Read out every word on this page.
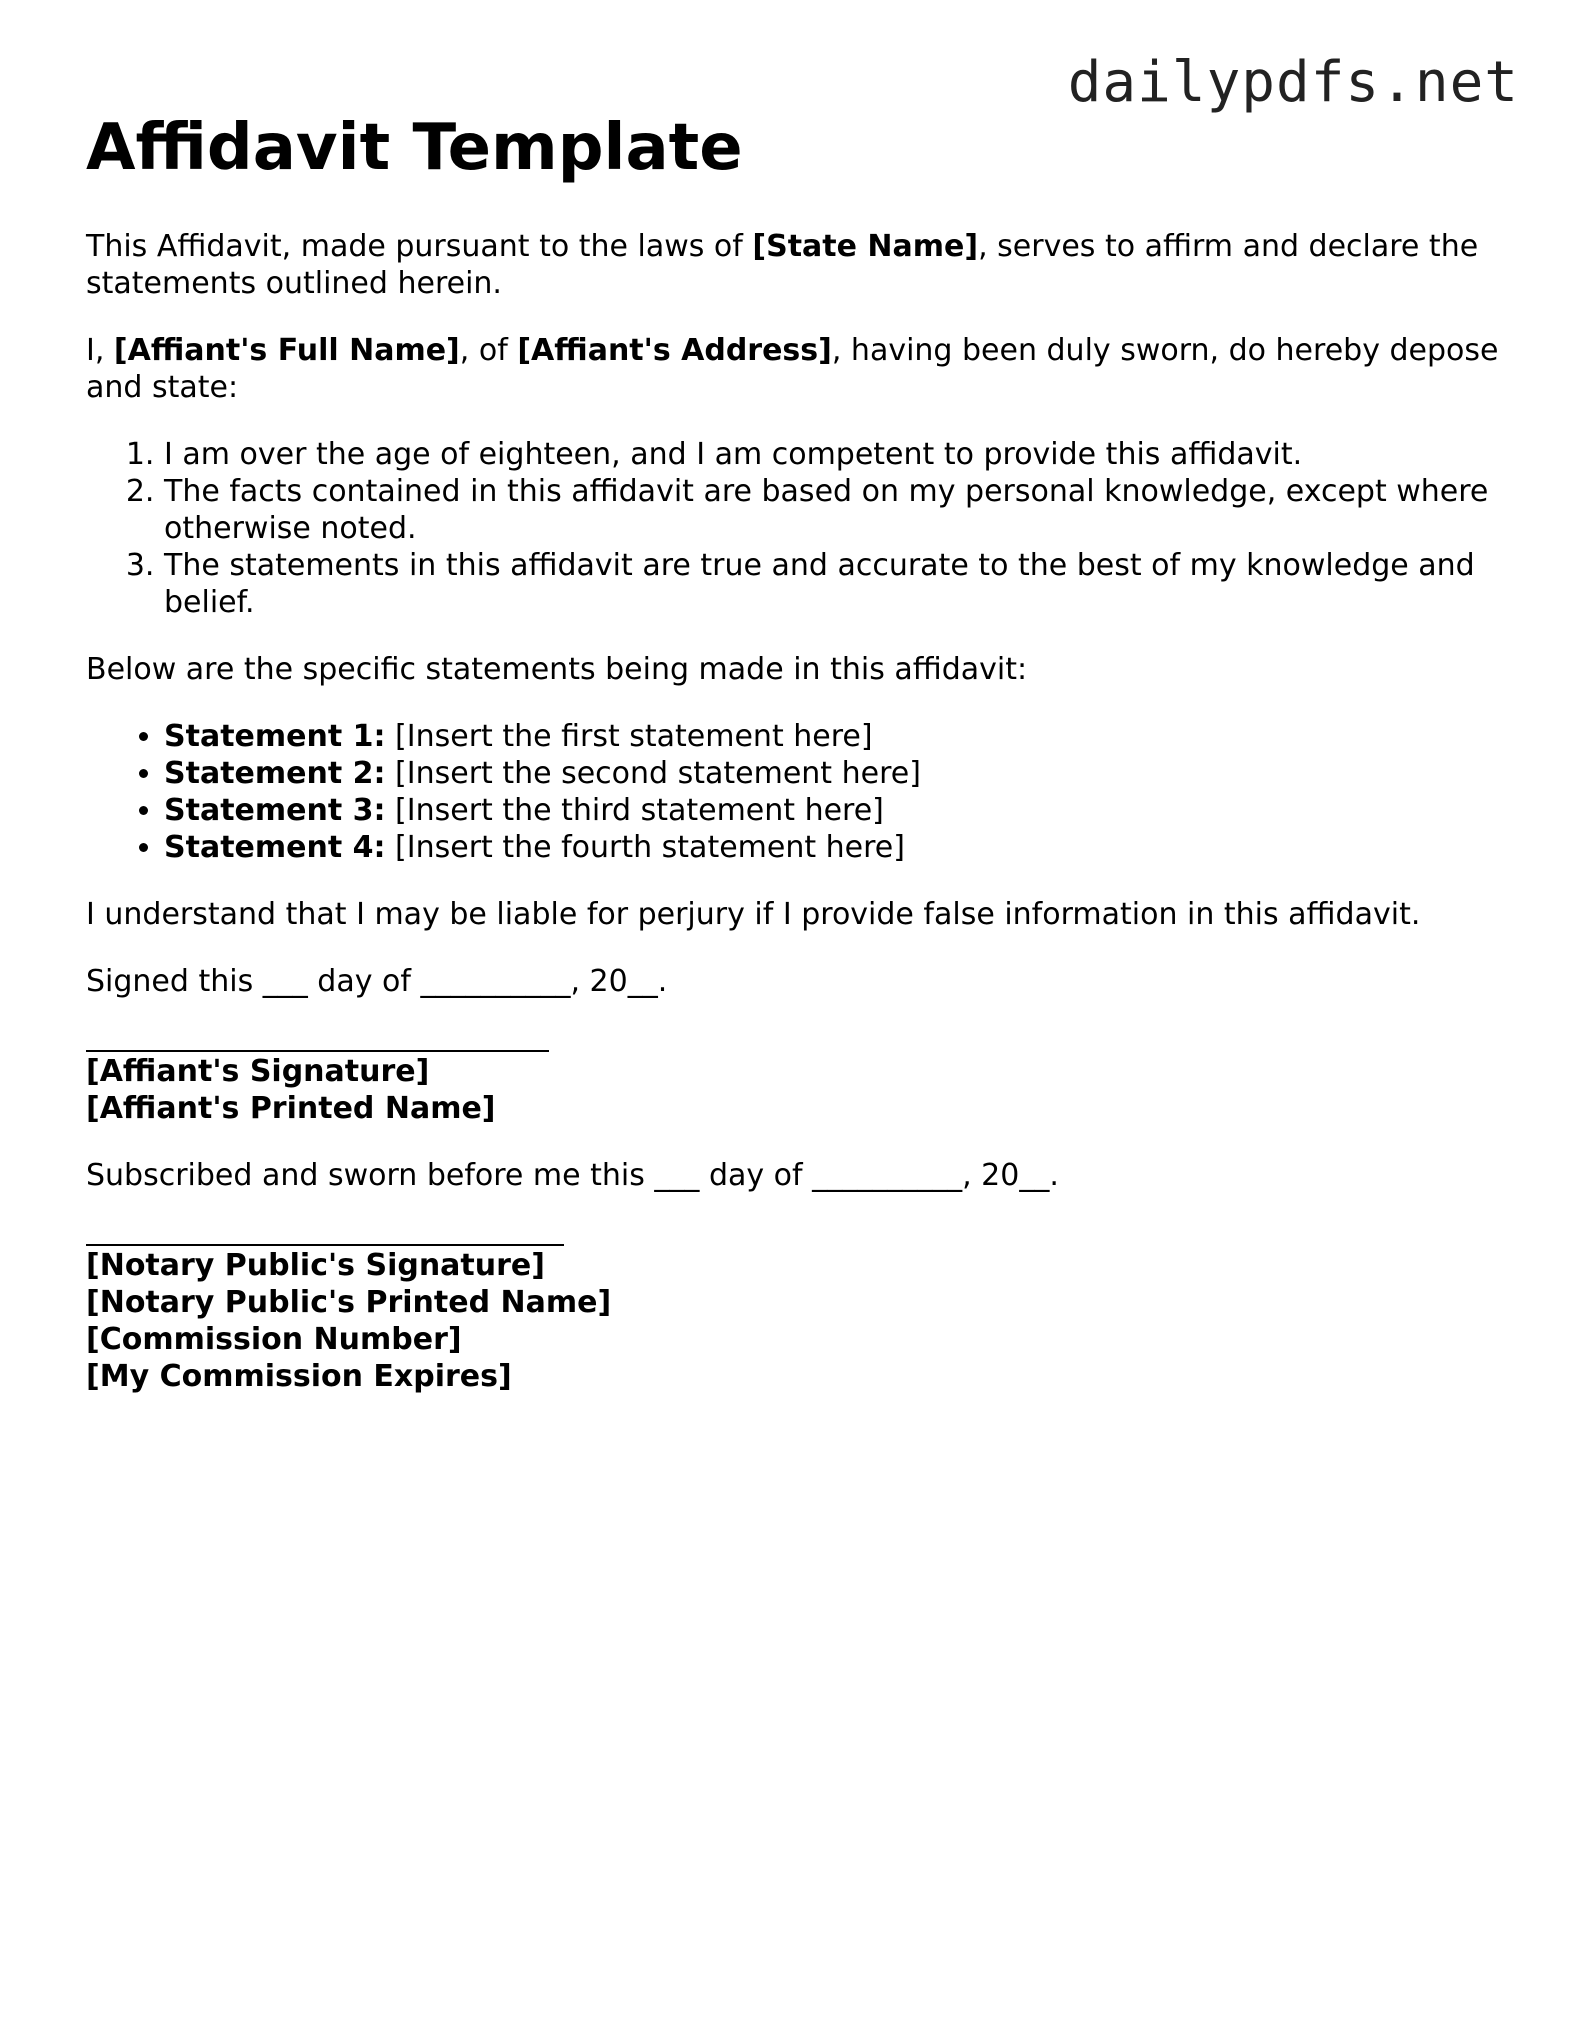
dailypdfs.net
Affidavit Template

This Affidavit, made pursuant to the laws of [State Name], serves to affirm and declare the statements outlined herein.

I, [Affiant's Full Name], of [Affiant's Address], having been duly sworn, do hereby depose and state:

1. I am over the age of eighteen, and I am competent to provide this affidavit.
2. The facts contained in this affidavit are based on my personal knowledge, except where otherwise noted.
3. The statements in this affidavit are true and accurate to the best of my knowledge and belief.

Below are the specific statements being made in this affidavit:

• Statement 1: [Insert the first statement here]
• Statement 2: [Insert the second statement here]
• Statement 3: [Insert the third statement here]
• Statement 4: [Insert the fourth statement here]

I understand that I may be liable for perjury if I provide false information in this affidavit.

Signed this ___ day of __________, 20__.

[Affiant's Signature]
[Affiant's Printed Name]

Subscribed and sworn before me this ___ day of __________, 20__.

[Notary Public's Signature]
[Notary Public's Printed Name]
[Commission Number]
[My Commission Expires]
